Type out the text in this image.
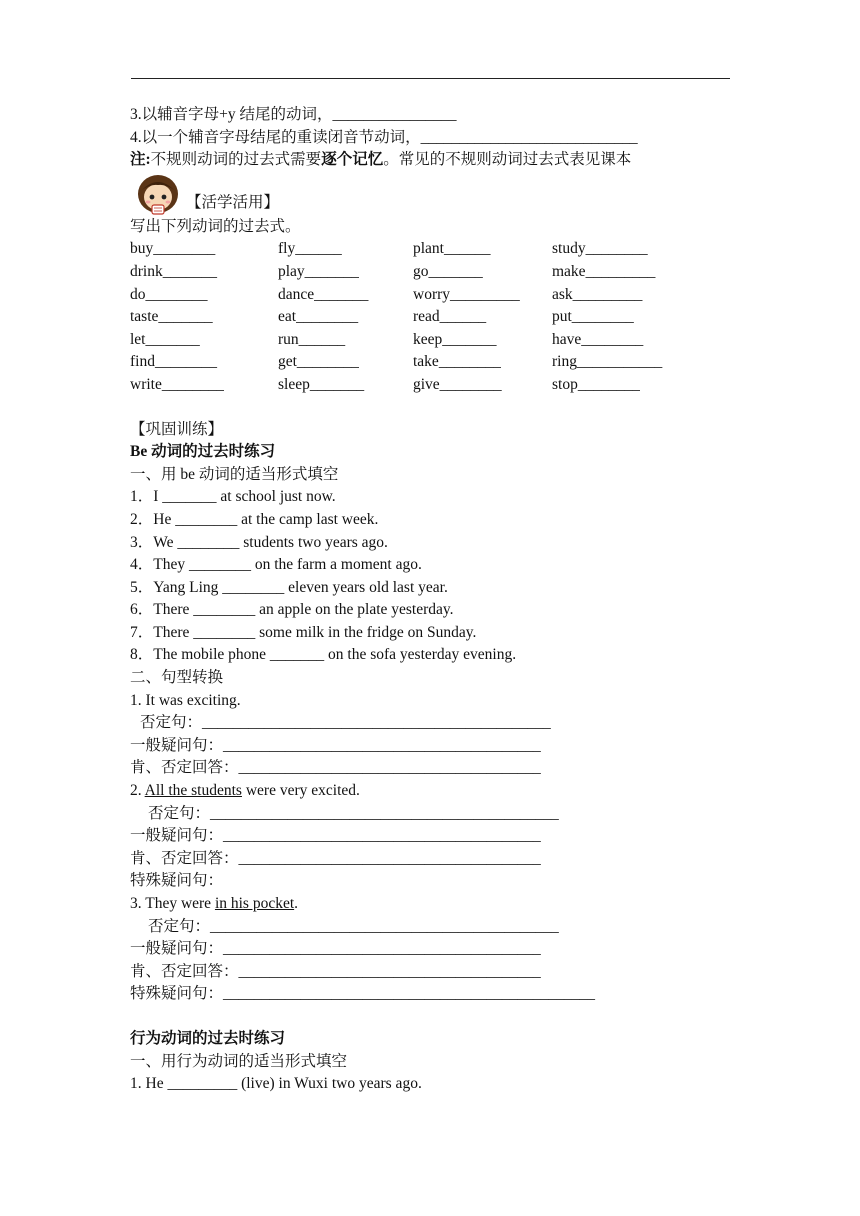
3.以辅音字母+y 结尾的动词，________________
4.以一个辅音字母结尾的重读闭音节动词，____________________________
注:不规则动词的过去式需要逐个记忆。常见的不规则动词过去式表见课本
【活学活用】
写出下列动词的过去式。
buy________	fly______	plant______	study________
drink_______	play_______	go_______	make_________
do________	dance_______	worry_________ ask_________
taste_______	eat________	read______	put________
let_______	run______	keep_______	have________
find________	get________	take________	ring___________
write________	sleep_______	give________	stop________
【巩固训练】
Be 动词的过去时练习
一、用 be 动词的适当形式填空
1．I _______ at school just now.
2．He ________ at the camp last week.
3．We ________ students two years ago.
4．They ________ on the farm a moment ago.
5．Yang Ling ________ eleven years old last year.
6．There ________ an apple on the plate yesterday.
7．There ________ some milk in the fridge on Sunday.
8．The mobile phone _______ on the sofa yesterday evening.
二、句型转换
1. It was exciting.
否定句：_____________________________________________
一般疑问句：_________________________________________
肯、否定回答：_______________________________________
2. All the students were very excited.
否定句：_____________________________________________
一般疑问句：_________________________________________
肯、否定回答：_______________________________________
特殊疑问句：
3. They were in his pocket.
否定句：_____________________________________________
一般疑问句：_________________________________________
肯、否定回答：_______________________________________
特殊疑问句：________________________________________________
行为动词的过去时练习
一、用行为动词的适当形式填空
1. He _________ (live) in Wuxi two years ago.
